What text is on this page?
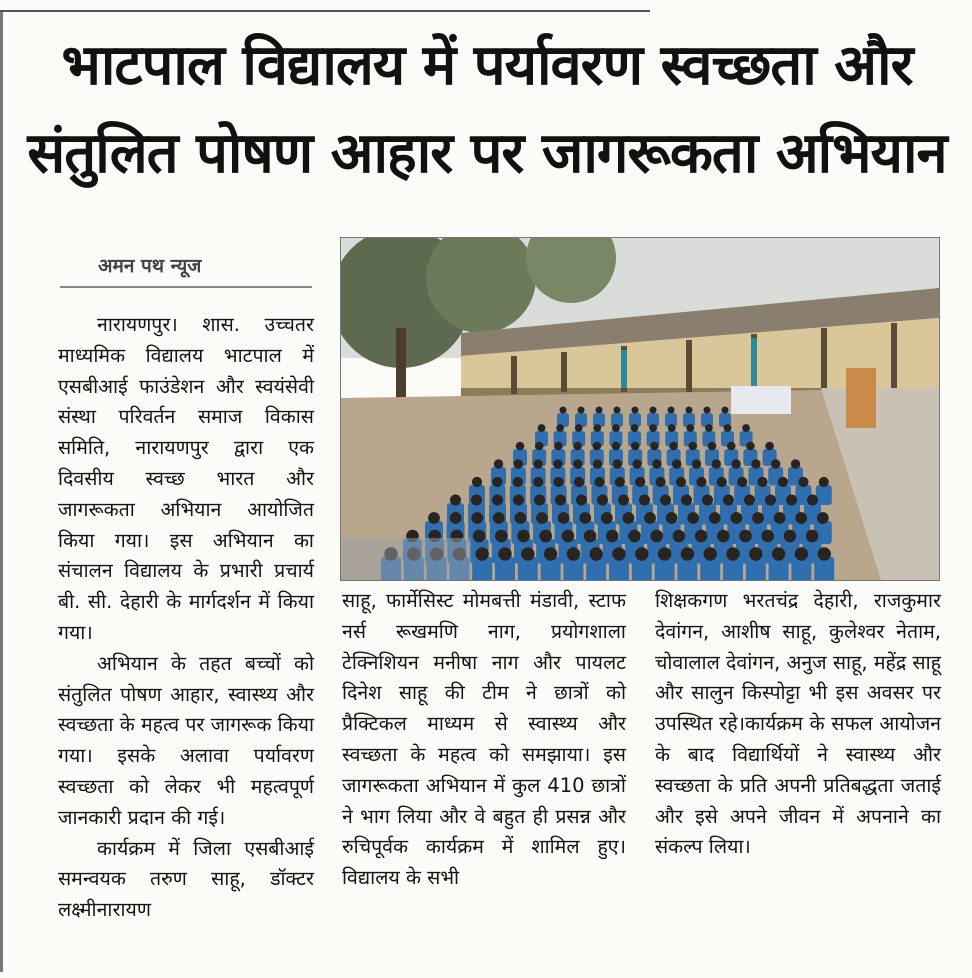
भाटपाल विद्यालय में पर्यावरण स्वच्छता और संतुलित पोषण आहार पर जागरूकता अभियान
अमन पथ न्यूज

नारायणपुर। शास. उच्चतर माध्यमिक विद्यालय भाटपाल में एसबीआई फाउंडेशन और स्वयंसेवी संस्था परिवर्तन समाज विकास समिति, नारायणपुर द्वारा एक दिवसीय स्वच्छ भारत और जागरूकता अभियान आयोजित किया गया। इस अभियान का संचालन विद्यालय के प्रभारी प्रचार्य बी. सी. देहारी के मार्गदर्शन में किया गया।

अभियान के तहत बच्चों को संतुलित पोषण आहार, स्वास्थ्य और स्वच्छता के महत्व पर जागरूक किया गया। इसके अलावा पर्यावरण स्वच्छता को लेकर भी महत्वपूर्ण जानकारी प्रदान की गई।

कार्यक्रम में जिला एसबीआई समन्वयक तरुण साहू, डॉक्टर लक्ष्मीनारायण

साहू, फार्मेसिस्ट मोमबत्ती मंडावी, स्टाफ नर्स रूखमणि नाग, प्रयोगशाला टेक्निशियन मनीषा नाग और पायलट दिनेश साहू की टीम ने छात्रों को प्रैक्टिकल माध्यम से स्वास्थ्य और स्वच्छता के महत्व को समझाया। इस जागरूकता अभियान में कुल 410 छात्रों ने भाग लिया और वे बहुत ही प्रसन्न और रुचिपूर्वक कार्यक्रम में शामिल हुए। विद्यालय के सभी

शिक्षकगण भरतचंद्र देहारी, राजकुमार देवांगन, आशीष साहू, कुलेश्वर नेताम, चोवालाल देवांगन, अनुज साहू, महेंद्र साहू और सालुन किस्पोट्टा भी इस अवसर पर उपस्थित रहे।कार्यक्रम के सफल आयोजन के बाद विद्यार्थियों ने स्वास्थ्य और स्वच्छता के प्रति अपनी प्रतिबद्धता जताई और इसे अपने जीवन में अपनाने का संकल्प लिया।
